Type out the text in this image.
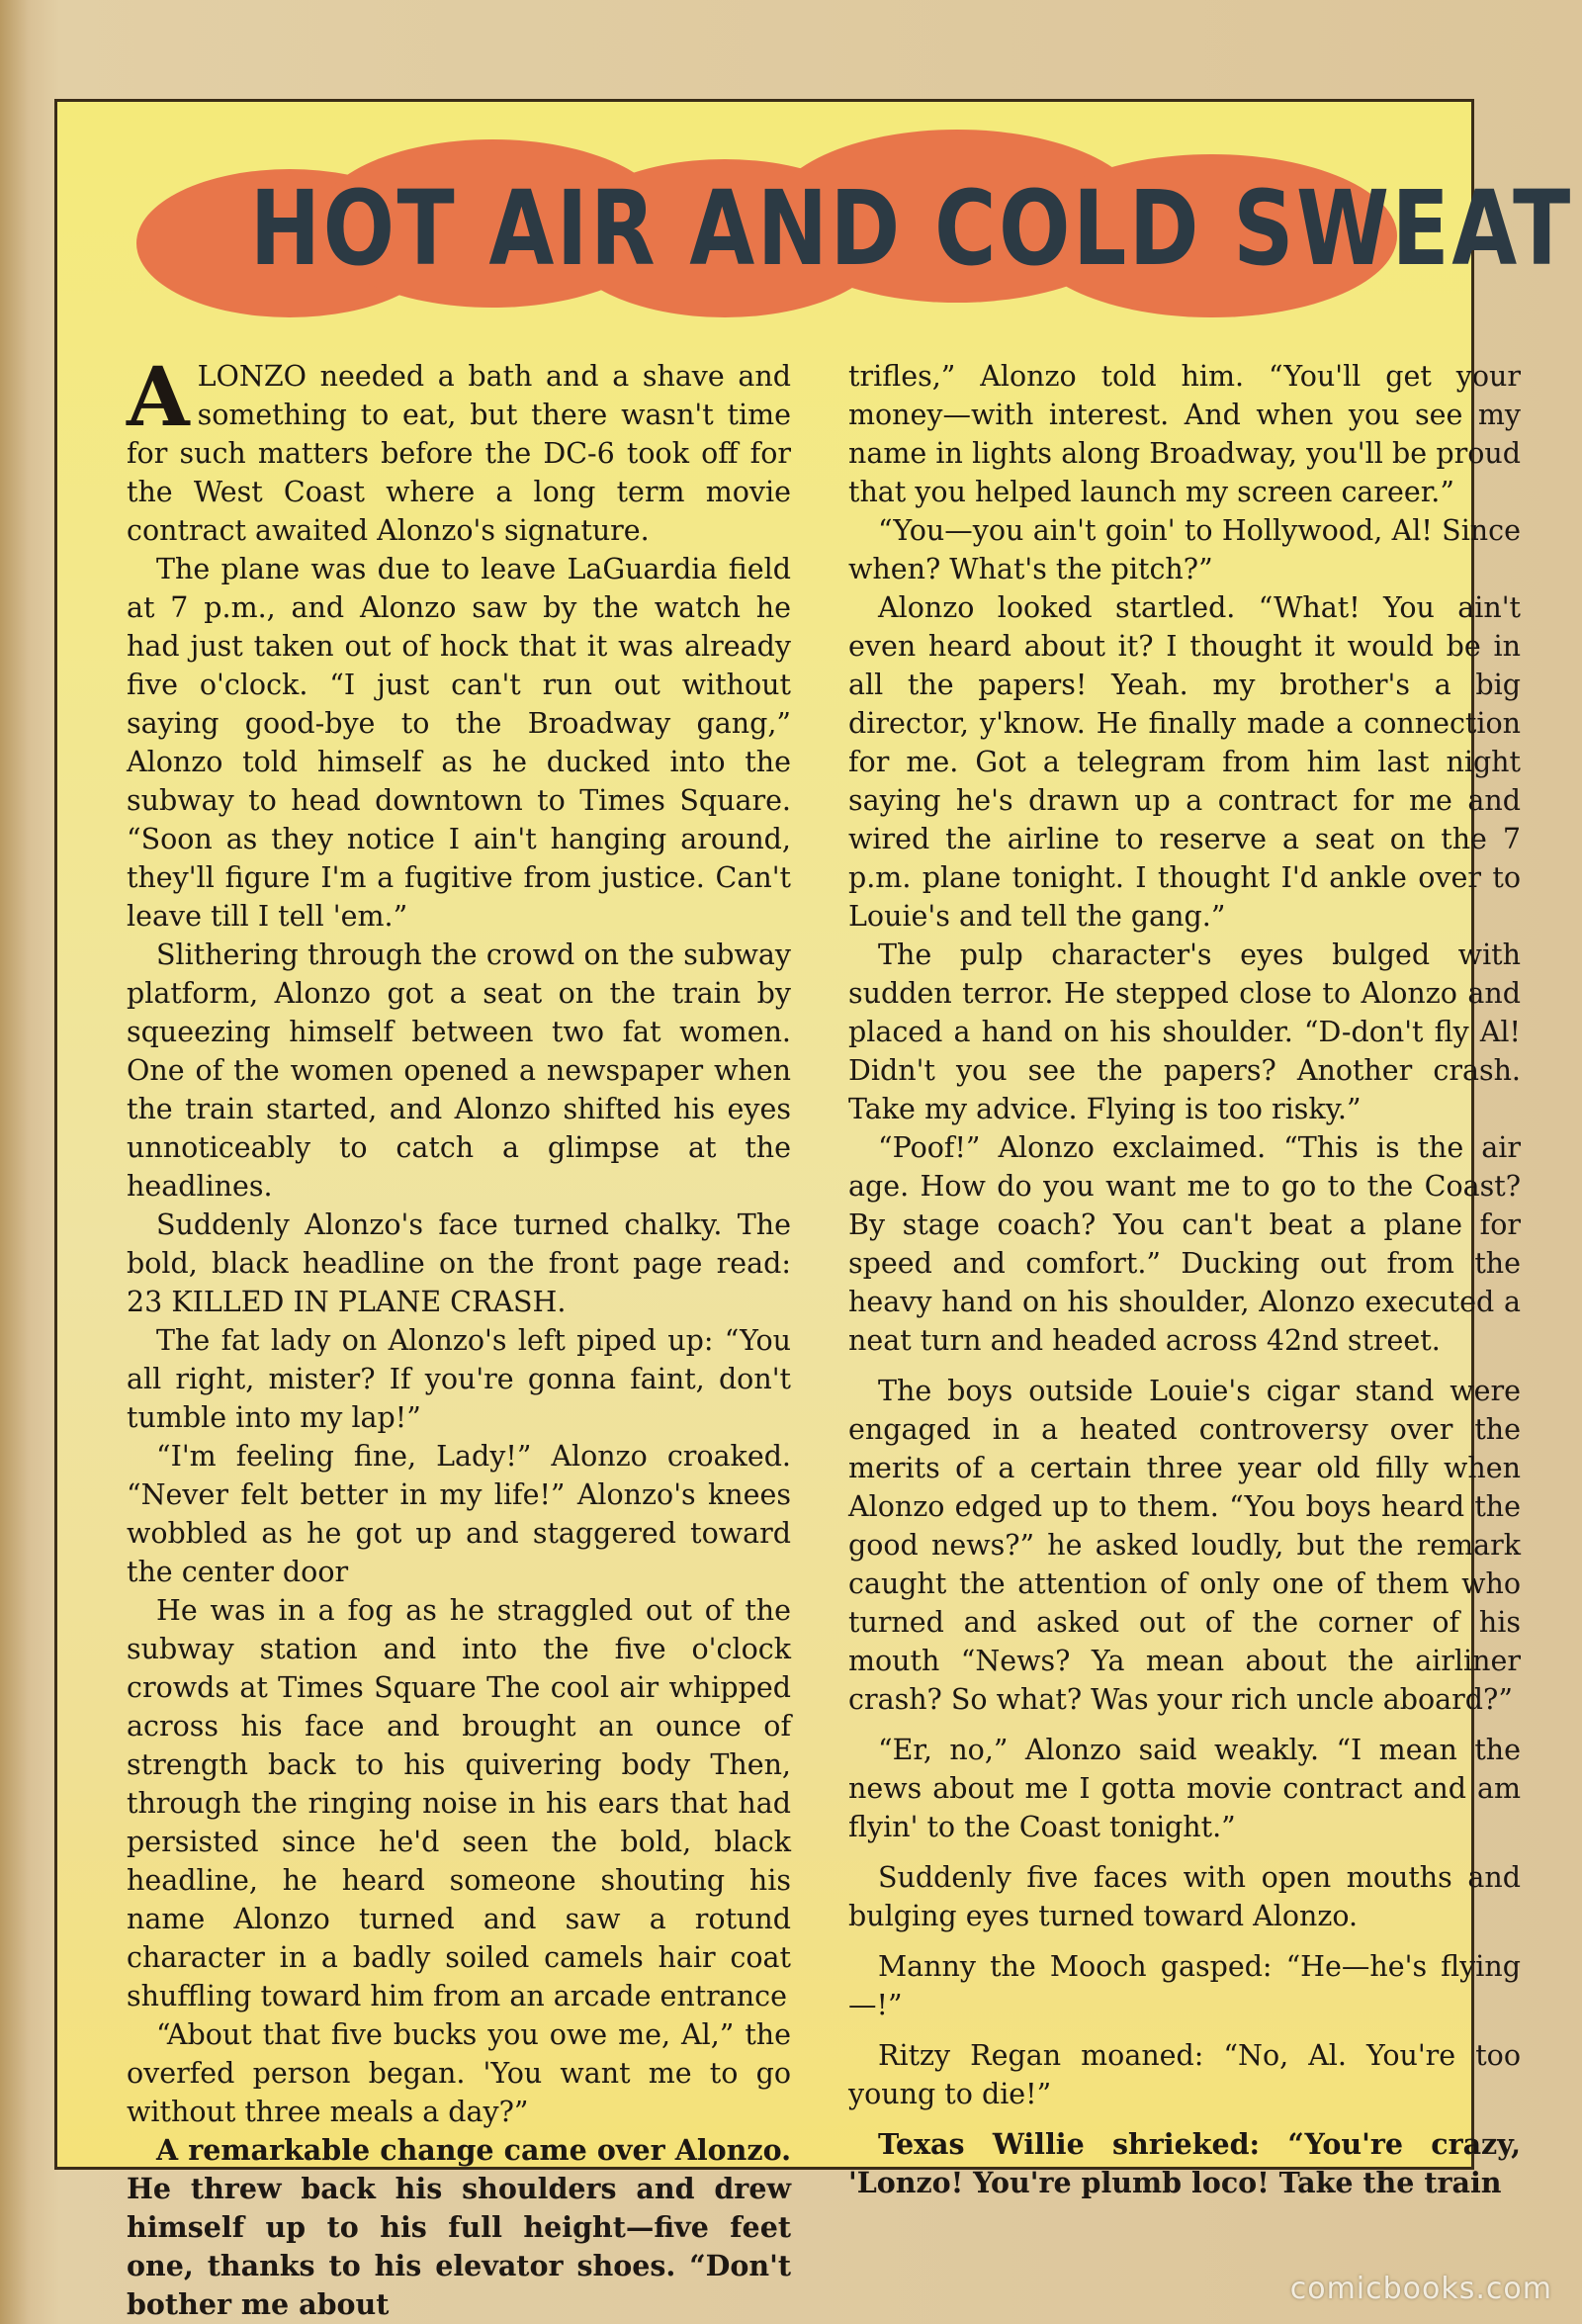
HOT AIR AND COLD SWEAT

ALONZO needed a bath and a shave and something to eat, but there wasn't time for such matters before the DC-6 took off for the West Coast where a long term movie contract awaited Alonzo's signature.

The plane was due to leave LaGuardia field at 7 p.m., and Alonzo saw by the watch he had just taken out of hock that it was already five o'clock. “I just can't run out without saying good-bye to the Broadway gang,” Alonzo told himself as he ducked into the subway to head downtown to Times Square. “Soon as they notice I ain't hanging around, they'll figure I'm a fugitive from justice. Can't leave till I tell 'em.”

Slithering through the crowd on the subway platform, Alonzo got a seat on the train by squeezing himself between two fat women. One of the women opened a newspaper when the train started, and Alonzo shifted his eyes unnoticeably to catch a glimpse at the headlines.

Suddenly Alonzo's face turned chalky. The bold, black headline on the front page read: 23 KILLED IN PLANE CRASH.

The fat lady on Alonzo's left piped up: “You all right, mister? If you're gonna faint, don't tumble into my lap!”

“I'm feeling fine, Lady!” Alonzo croaked. “Never felt better in my life!” Alonzo's knees wobbled as he got up and staggered toward the center door

He was in a fog as he straggled out of the subway station and into the five o'clock crowds at Times Square The cool air whipped across his face and brought an ounce of strength back to his quivering body Then, through the ringing noise in his ears that had persisted since he'd seen the bold, black headline, he heard someone shouting his name Alonzo turned and saw a rotund character in a badly soiled camels hair coat shuffling toward him from an arcade entrance

“About that five bucks you owe me, Al,” the overfed person began. 'You want me to go without three meals a day?”

A remarkable change came over Alonzo. He threw back his shoulders and drew himself up to his full height—five feet one, thanks to his elevator shoes. “Don't bother me about

trifles,” Alonzo told him. “You'll get your money—with interest. And when you see my name in lights along Broadway, you'll be proud that you helped launch my screen career.”

“You—you ain't goin' to Hollywood, Al! Since when? What's the pitch?”

Alonzo looked startled. “What! You ain't even heard about it? I thought it would be in all the papers! Yeah. my brother's a big director, y'know. He finally made a connection for me. Got a telegram from him last night saying he's drawn up a contract for me and wired the airline to reserve a seat on the 7 p.m. plane tonight. I thought I'd ankle over to Louie's and tell the gang.”

The pulp character's eyes bulged with sudden terror. He stepped close to Alonzo and placed a hand on his shoulder. “D-don't fly Al! Didn't you see the papers? Another crash. Take my advice. Flying is too risky.”

“Poof!” Alonzo exclaimed. “This is the air age. How do you want me to go to the Coast? By stage coach? You can't beat a plane for speed and comfort.” Ducking out from the heavy hand on his shoulder, Alonzo executed a neat turn and headed across 42nd street.

The boys outside Louie's cigar stand were engaged in a heated controversy over the merits of a certain three year old filly when Alonzo edged up to them. “You boys heard the good news?” he asked loudly, but the remark caught the attention of only one of them who turned and asked out of the corner of his mouth “News? Ya mean about the airliner crash? So what? Was your rich uncle aboard?”

“Er, no,” Alonzo said weakly. “I mean the news about me I gotta movie contract and am flyin' to the Coast tonight.”

Suddenly five faces with open mouths and bulging eyes turned toward Alonzo.

Manny the Mooch gasped: “He—he's flying—!”

Ritzy Regan moaned: “No, Al. You're too young to die!”

Texas Willie shrieked: “You're crazy, 'Lonzo! You're plumb loco! Take the train

comicbooks.com
